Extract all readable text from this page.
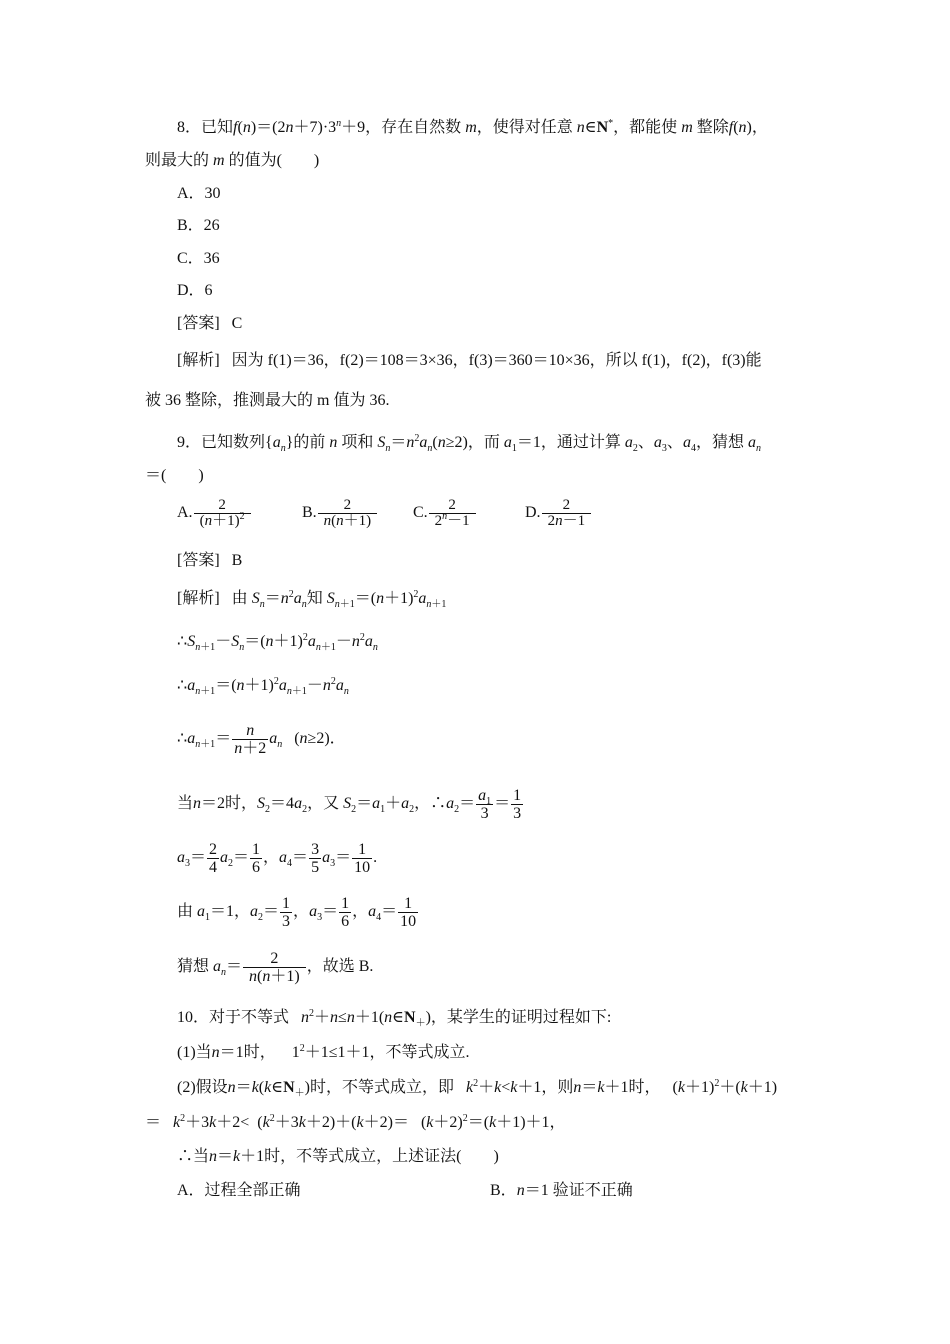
8．已知$f(n)=(2n+7)\cdot 3^n+9$，存在自然数 m，使得对任意 n∈N*，都能使 m 整除f(n)，
则最大的 m 的值为(　　)
A．30
B．26
C．36
D．6
[答案] C
[解析] 因为 f(1)＝36，f(2)＝108＝3×36，f(3)＝360＝10×36，所以 f(1)，f(2)，f(3)能
被 36 整除，推测最大的 m 值为 36.
9．已知数列$\{a_n\}$的前 n 项和 $S_n=n^2a_n(n\ge 2)$，而 $a_1=1$，通过计算 $a_2$、$a_3$、$a_4$，猜想 $a_n$
＝(　　)
A. $\frac{2}{(n+1)^2}$	B. $\frac{2}{n(n+1)} C$. $\frac{2}{2^n-1}$	D. $\frac{2}{2n-1}$
[答案] B
[解析] 由 $S_n=n^2a_n$知 $S_{n+1}=(n+1)^2a_{n+1}$
$\therefore S_{n+1}-S_n=(n+1)^2a_{n+1}-n^2a_n$
$\therefore a_{n+1}=(n+1)^2a_{n+1}-n^2a_n$
$\therefore a_{n+1}= \frac{n}{n+2} a_n$   (n≥2)．
当n＝2时，$S_2=4a_2$，又 $S_2=a_1+a_2$，$\therefore a_2= \frac{a_1}{3} = \frac{1}{3}$
$a_3= \frac{2}{4} a_2= \frac{1}{6}$ ，$a_4= \frac{3}{5} a_3= \frac{1}{10}$ .
由 $a_1=1$，$a_2= \frac{1}{3}$ ，$a_3= \frac{1}{6}$ ，$a_4= \frac{1}{10}$
猜想 $a_n= \frac{2}{n(n+1)}$ ，故选 B.
10．对于不等式 $n^2+n\le n+1(n\in N_+)$，某学生的证明过程如下:
(1)当n＝1时，    $1^2+1\le 1+1$，不等式成立.
(2)假设$n=k(k\in N_+)$时，不等式成立，即 $k^2+k<k+1$，则n＝k＋1时，   $(k+1)^2+(k+1)$
＝   $k^2+3k+2< (k^2+3k+2)+(k+2)= (k+2)^2=(k+1)+1$，
∴当n＝k＋1时，不等式成立，上述证法(　　)
A．过程全部正确	B．n＝1 验证不正确
